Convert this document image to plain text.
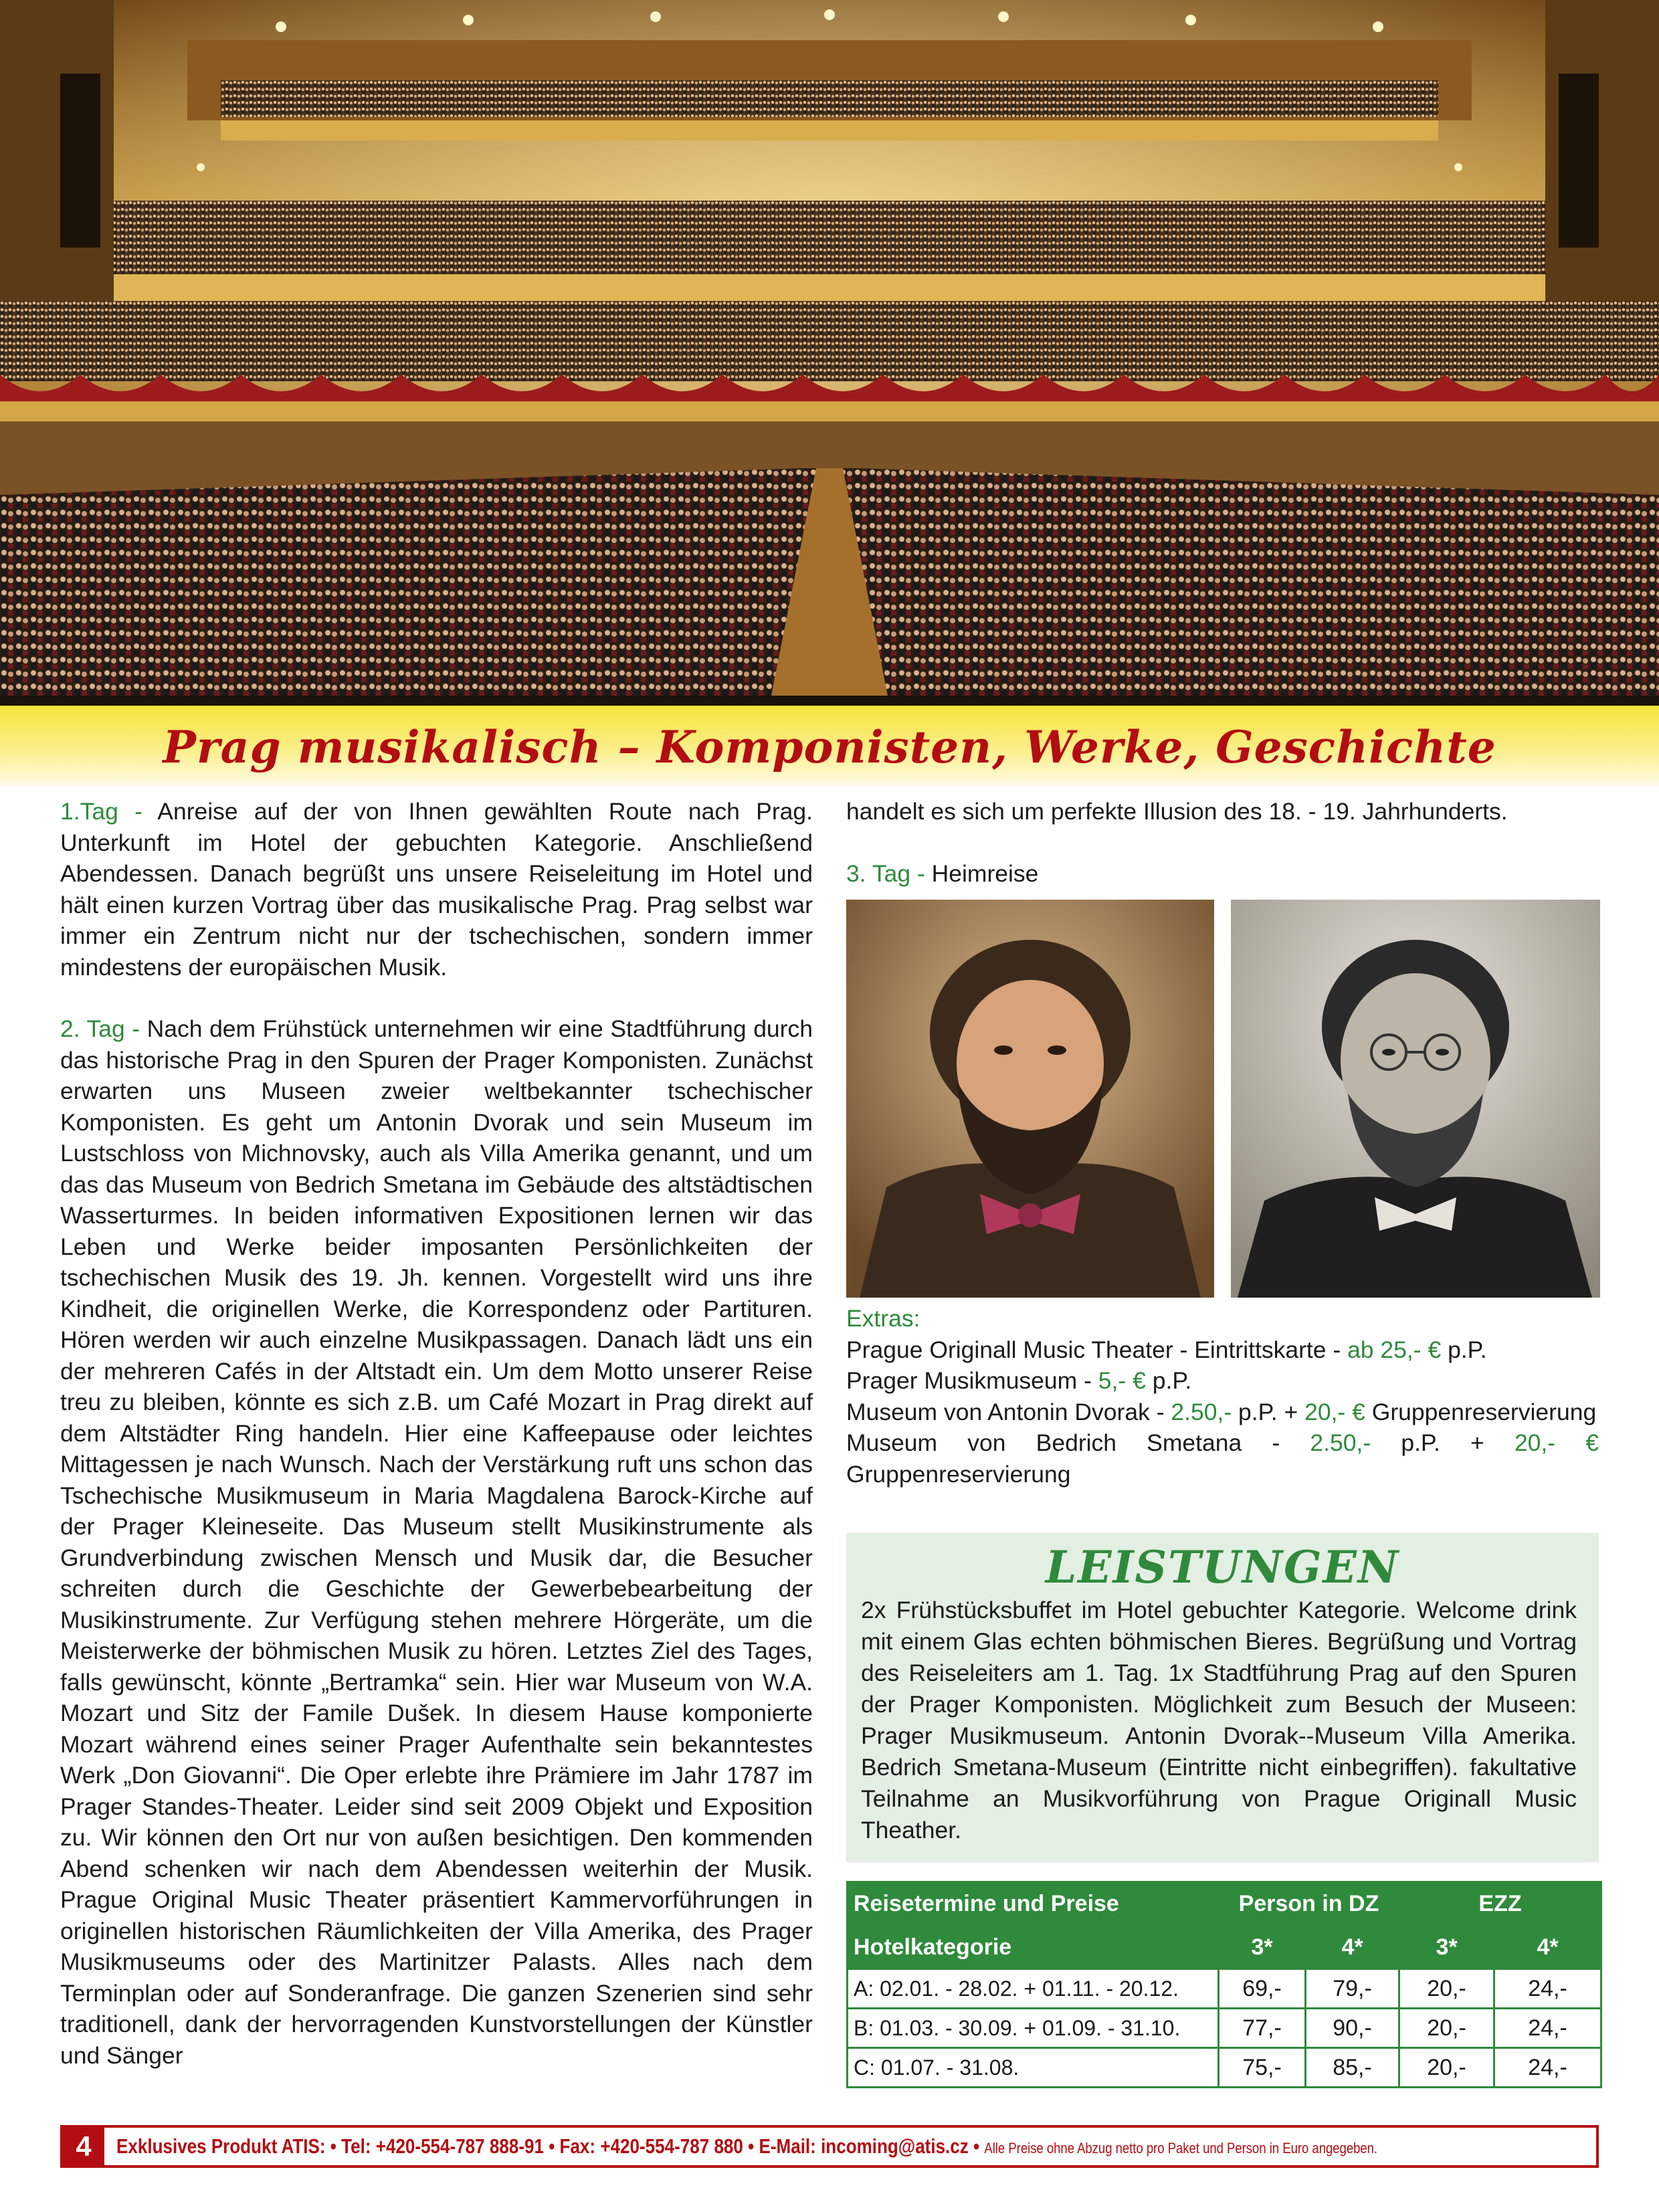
Prag musikalisch – Komponisten, Werke, Geschichte

1.Tag - Anreise auf der von Ihnen gewählten Route nach Prag. Unterkunft im Hotel der gebuchten Kategorie. Anschließend Abendessen. Danach begrüßt uns unsere Reiseleitung im Hotel und hält einen kurzen Vortrag über das musikalische Prag. Prag selbst war immer ein Zentrum nicht nur der tschechischen, sondern immer mindestens der europäischen Musik.

2. Tag - Nach dem Frühstück unternehmen wir eine Stadtführung durch das historische Prag in den Spuren der Prager Komponisten. Zunächst erwarten uns Museen zweier weltbekannter tschechischer Komponisten. Es geht um Antonin Dvorak und sein Museum im Lustschloss von Michnovsky, auch als Villa Amerika genannt, und um das das Museum von Bedrich Smetana im Gebäude des altstädtischen Wasserturmes. In beiden informativen Expositionen lernen wir das Leben und Werke beider imposanten Persönlichkeiten der tschechischen Musik des 19. Jh. kennen. Vorgestellt wird uns ihre Kindheit, die originellen Werke, die Korrespondenz oder Partituren. Hören werden wir auch einzelne Musikpassagen. Danach lädt uns ein der mehreren Cafés in der Altstadt ein. Um dem Motto unserer Reise treu zu bleiben, könnte es sich z.B. um Café Mozart in Prag direkt auf dem Altstädter Ring handeln. Hier eine Kaffeepause oder leichtes Mittagessen je nach Wunsch. Nach der Verstärkung ruft uns schon das Tschechische Musikmuseum in Maria Magdalena Barock-Kirche auf der Prager Kleineseite. Das Museum stellt Musikinstrumente als Grundverbindung zwischen Mensch und Musik dar, die Besucher schreiten durch die Geschichte der Gewerbebearbeitung der Musikinstrumente. Zur Verfügung stehen mehrere Hörgeräte, um die Meisterwerke der böhmischen Musik zu hören. Letztes Ziel des Tages, falls gewünscht, könnte „Bertramka“ sein. Hier war Museum von W.A. Mozart und Sitz der Famile Dušek. In diesem Hause komponierte Mozart während eines seiner Prager Aufenthalte sein bekanntestes Werk „Don Giovanni“. Die Oper erlebte ihre Prämiere im Jahr 1787 im Prager Standes-Theater. Leider sind seit 2009 Objekt und Exposition zu. Wir können den Ort nur von außen besichtigen. Den kommenden Abend schenken wir nach dem Abendessen weiterhin der Musik. Prague Original Music Theater präsentiert Kammervorführungen in originellen historischen Räumlichkeiten der Villa Amerika, des Prager Musikmuseums oder des Martinitzer Palasts. Alles nach dem Terminplan oder auf Sonderanfrage. Die ganzen Szenerien sind sehr traditionell, dank der hervorragenden Kunstvorstellungen der Künstler und Sänger

handelt es sich um perfekte Illusion des 18. - 19. Jahrhunderts.

3. Tag - Heimreise

Extras:

Prague Originall Music Theater - Eintrittskarte - ab 25,- € p.P.

Prager Musikmuseum - 5,- € p.P.

Museum von Antonin Dvorak - 2.50,- p.P. + 20,- € Gruppenreservierung

Museum von Bedrich Smetana - 2.50,- p.P. + 20,- € Gruppenreservierung

LEISTUNGEN
2x Frühstücksbuffet im Hotel gebuchter Kategorie. Welcome drink mit einem Glas echten böhmischen Bieres. Begrüßung und Vortrag des Reiseleiters am 1. Tag. 1x Stadtführung Prag auf den Spuren der Prager Komponisten. Möglichkeit zum Besuch der Museen: Prager Musikmuseum. Antonin Dvorak--Museum Villa Amerika. Bedrich Smetana-Museum (Eintritte nicht einbegriffen). fakultative Teilnahme an Musikvorführung von Prague Originall Music Theather.
Reisetermine und Preise	Person in DZ		EZZ	
Hotelkategorie	3*	4*	3*	4*
A: 02.01. - 28.02. + 01.11. - 20.12.	69,-	79,-	20,-	24,-
B: 01.03. - 30.09. + 01.09. - 31.10.	77,-	90,-	20,-	24,-
C: 01.07. - 31.08.	75,-	85,-	20,-	24,-
4	Exklusives Produkt ATIS: • Tel: +420-554-787 888-91 • Fax: +420-554-787 880 • E-Mail: incoming@atis.cz • Alle Preise ohne Abzug netto pro Paket und Person in Euro angegeben.
